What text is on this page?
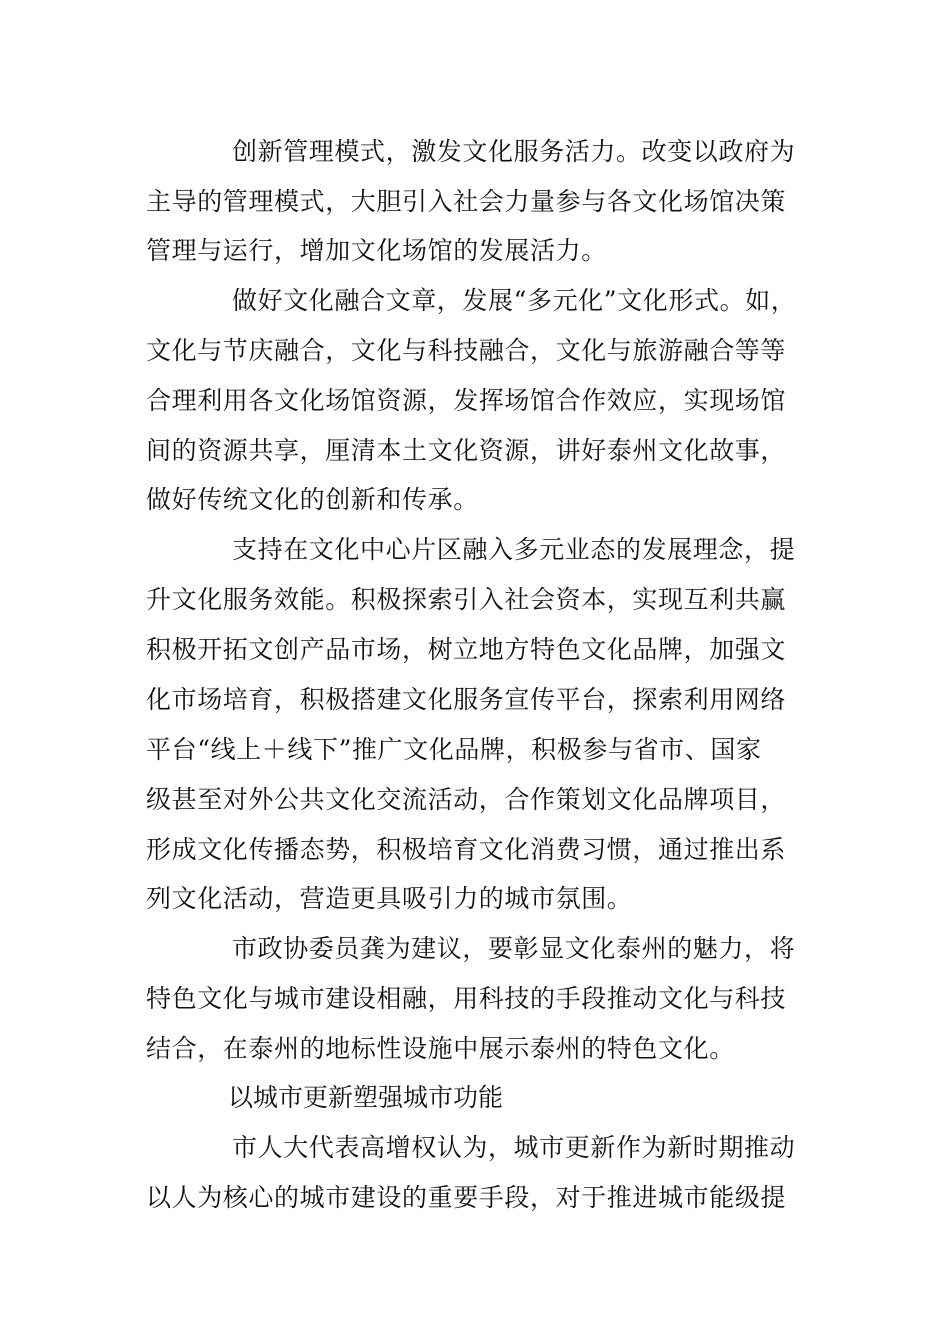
创新管理模式，激发文化服务活力。改变以政府为
主导的管理模式，大胆引入社会力量参与各文化场馆决策
管理与运行，增加文化场馆的发展活力。
做好文化融合文章，发展“多元化”文化形式。如，
文化与节庆融合，文化与科技融合，文化与旅游融合等等
合理利用各文化场馆资源，发挥场馆合作效应，实现场馆
间的资源共享，厘清本土文化资源，讲好泰州文化故事，
做好传统文化的创新和传承。
支持在文化中心片区融入多元业态的发展理念，提
升文化服务效能。积极探索引入社会资本，实现互利共赢
积极开拓文创产品市场，树立地方特色文化品牌，加强文
化市场培育，积极搭建文化服务宣传平台，探索利用网络
平台“线上＋线下”推广文化品牌，积极参与省市、国家
级甚至对外公共文化交流活动，合作策划文化品牌项目，
形成文化传播态势，积极培育文化消费习惯，通过推出系
列文化活动，营造更具吸引力的城市氛围。
市政协委员龚为建议，要彰显文化泰州的魅力，将
特色文化与城市建设相融，用科技的手段推动文化与科技
结合，在泰州的地标性设施中展示泰州的特色文化。
以城市更新塑强城市功能
市人大代表高增权认为，城市更新作为新时期推动
以人为核心的城市建设的重要手段，对于推进城市能级提
